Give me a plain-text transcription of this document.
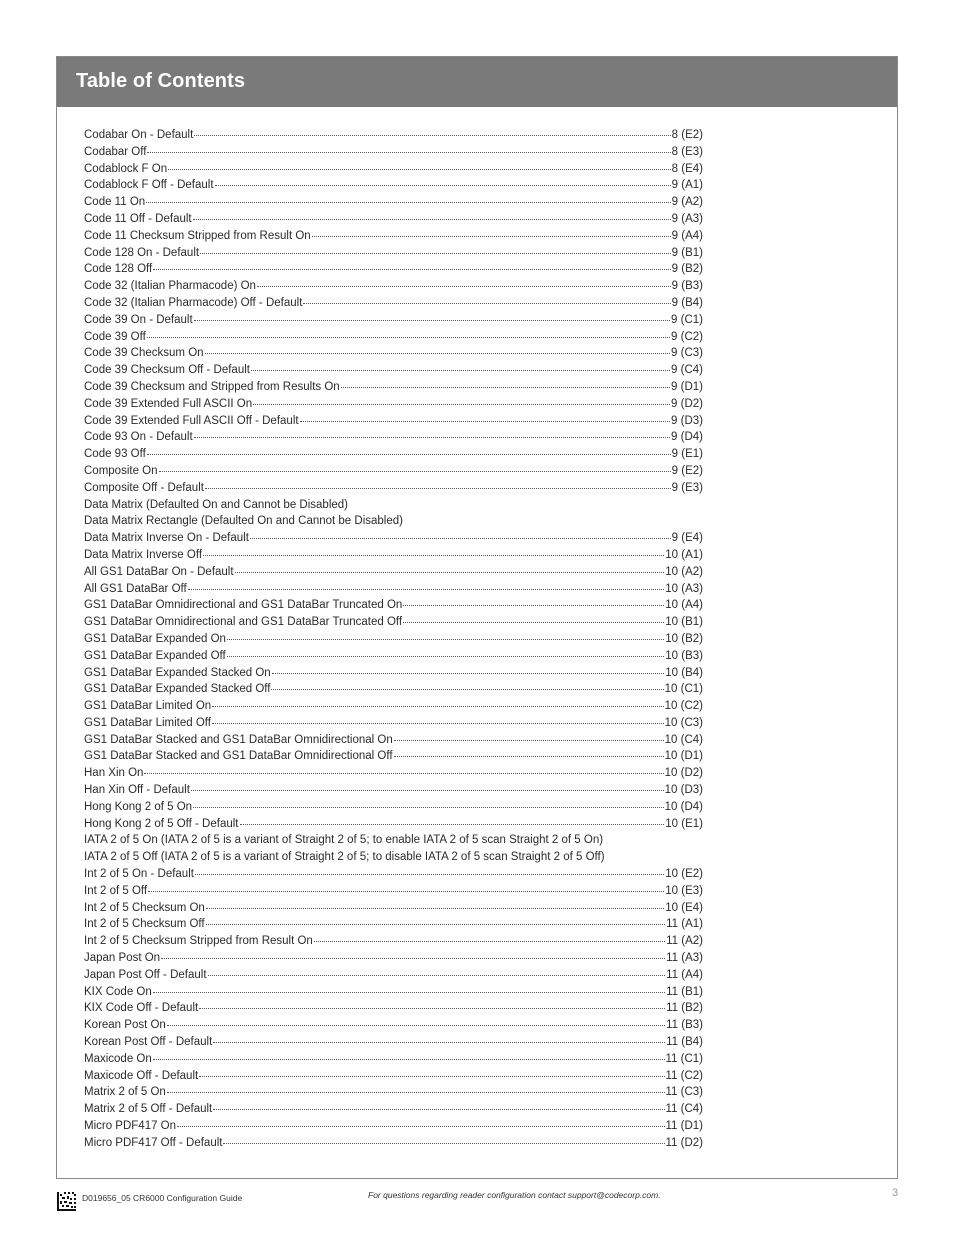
Table of Contents
Codabar On - Default	8 (E2)
Codabar Off	8 (E3)
Codablock F On	8 (E4)
Codablock F Off - Default	9 (A1)
Code 11 On	9 (A2)
Code 11 Off - Default	9 (A3)
Code 11 Checksum Stripped from Result On	9 (A4)
Code 128 On - Default	9 (B1)
Code 128 Off	9 (B2)
Code 32 (Italian Pharmacode) On	9 (B3)
Code 32 (Italian Pharmacode) Off - Default	9 (B4)
Code 39 On - Default	9 (C1)
Code 39 Off	9 (C2)
Code 39 Checksum On	9 (C3)
Code 39 Checksum Off - Default	9 (C4)
Code 39 Checksum and Stripped from Results On	9 (D1)
Code 39 Extended Full ASCII On	9 (D2)
Code 39 Extended Full ASCII Off - Default	9 (D3)
Code 93 On - Default	9 (D4)
Code 93 Off	9 (E1)
Composite On	9 (E2)
Composite Off - Default	9 (E3)
Data Matrix (Defaulted On and Cannot be Disabled)
Data Matrix Rectangle (Defaulted On and Cannot be Disabled)
Data Matrix Inverse On - Default	9 (E4)
Data Matrix Inverse Off	10 (A1)
All GS1 DataBar On - Default	10 (A2)
All GS1 DataBar Off	10 (A3)
GS1 DataBar Omnidirectional and GS1 DataBar Truncated On	10 (A4)
GS1 DataBar Omnidirectional and GS1 DataBar Truncated Off	10 (B1)
GS1 DataBar Expanded On	10 (B2)
GS1 DataBar Expanded Off	10 (B3)
GS1 DataBar Expanded Stacked On	10 (B4)
GS1 DataBar Expanded Stacked Off	10 (C1)
GS1 DataBar Limited On	10 (C2)
GS1 DataBar Limited Off	10 (C3)
GS1 DataBar Stacked and GS1 DataBar Omnidirectional On	10 (C4)
GS1 DataBar Stacked and GS1 DataBar Omnidirectional Off	10 (D1)
Han Xin On	10 (D2)
Han Xin Off - Default	10 (D3)
Hong Kong 2 of 5 On	10 (D4)
Hong Kong 2 of 5 Off - Default	10 (E1)
IATA 2 of 5 On (IATA 2 of 5 is a variant of Straight 2 of 5; to enable IATA 2 of 5 scan Straight 2 of 5 On)
IATA 2 of 5 Off (IATA 2 of 5 is a variant of Straight 2 of 5; to disable IATA 2 of 5 scan Straight 2 of 5 Off)
Int 2 of 5 On - Default	10 (E2)
Int 2 of 5 Off	10 (E3)
Int 2 of 5 Checksum On	10 (E4)
Int 2 of 5 Checksum Off	11 (A1)
Int 2 of 5 Checksum Stripped from Result On	11 (A2)
Japan Post On	11 (A3)
Japan Post Off - Default	11 (A4)
KIX Code On	11 (B1)
KIX Code Off - Default	11 (B2)
Korean Post On	11 (B3)
Korean Post Off - Default	11 (B4)
Maxicode On	11 (C1)
Maxicode Off - Default	11 (C2)
Matrix 2 of 5 On	11 (C3)
Matrix 2 of 5 Off - Default	11 (C4)
Micro PDF417 On	11 (D1)
Micro PDF417 Off - Default	11 (D2)
D019656_05 CR6000 Configuration Guide	For questions regarding reader configuration contact support@codecorp.com.	3
